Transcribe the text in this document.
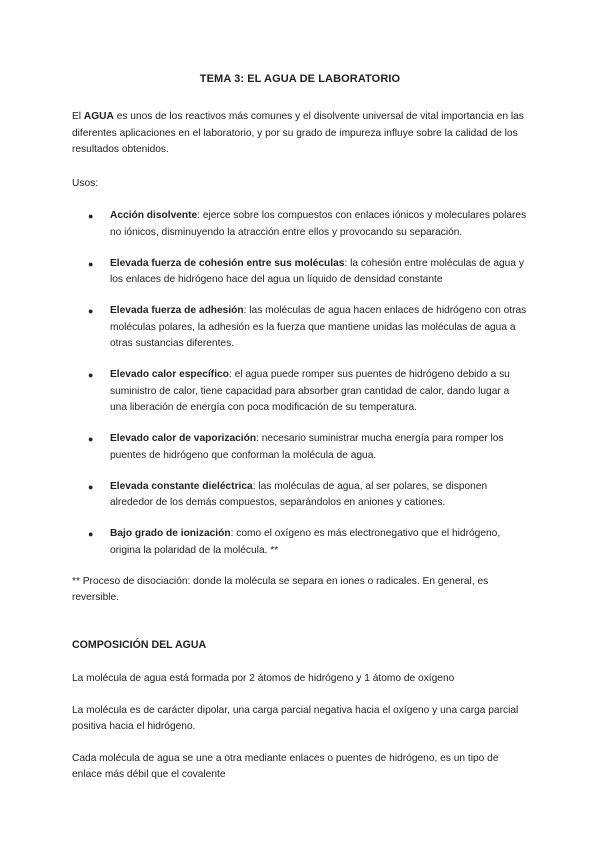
TEMA 3: EL AGUA DE LABORATORIO

El AGUA es unos de los reactivos más comunes y el disolvente universal de vital importancia en las diferentes aplicaciones en el laboratorio, y por su grado de impureza influye sobre la calidad de los resultados obtenidos.

Usos:

● Acción disolvente: ejerce sobre los compuestos con enlaces iónicos y moleculares polares no iónicos, disminuyendo la atracción entre ellos y provocando su separación.
● Elevada fuerza de cohesión entre sus moléculas: la cohesión entre moléculas de agua y los enlaces de hidrógeno hace del agua un líquido de densidad constante
● Elevada fuerza de adhesión: las moléculas de agua hacen enlaces de hidrógeno con otras moléculas polares, la adhesión es la fuerza que mantiene unidas las moléculas de agua a otras sustancias diferentes.
● Elevado calor específico: el agua puede romper sus puentes de hidrógeno debido a su suministro de calor, tiene capacidad para absorber gran cantidad de calor, dando lugar a una liberación de energía con poca modificación de su temperatura.
● Elevado calor de vaporización: necesario suministrar mucha energía para romper los puentes de hidrógeno que conforman la molécula de agua.
● Elevada constante dieléctrica: las moléculas de agua, al ser polares, se disponen alrededor de los demás compuestos, separándolos en aniones y cationes.
● Bajo grado de ionización: como el oxígeno es más electronegativo que el hidrógeno, origina la polaridad de la molécula. **

** Proceso de disociación: donde la molécula se separa en iones o radicales. En general, es reversible.

COMPOSICIÓN DEL AGUA

La molécula de agua está formada por 2 átomos de hidrógeno y 1 átomo de oxígeno

La molécula es de carácter dipolar, una carga parcial negativa hacia el oxígeno y una carga parcial positiva hacia el hidrógeno.

Cada molécula de agua se une a otra mediante enlaces o puentes de hidrógeno, es un tipo de enlace más débil que el covalente
